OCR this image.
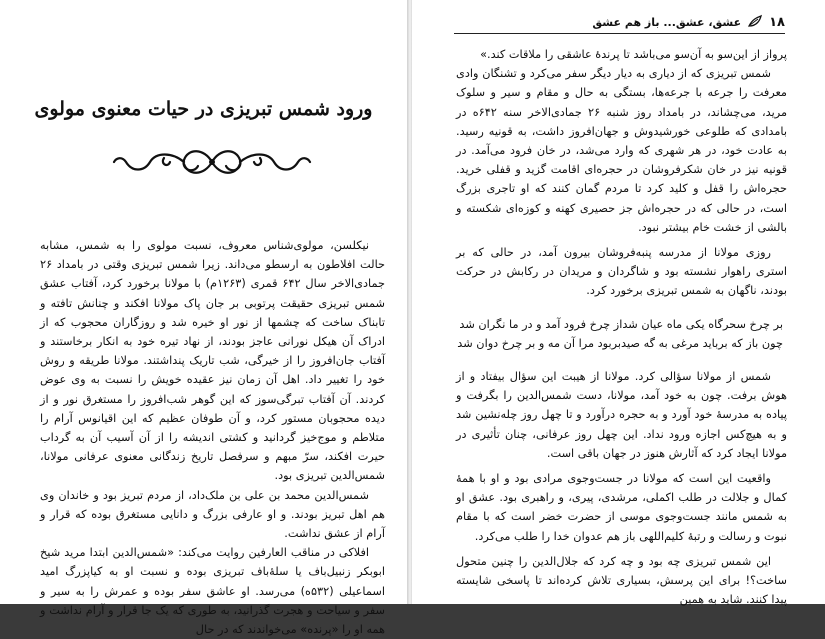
ورود شمس تبریزی در حیات معنوی مولوی

نیکلسن، مولوی‌شناس معروف، نسبت مولوی را به شمس، مشابه حالت افلاطون به ارسطو می‌داند. زیرا شمس تبریزی وقتی در بامداد ۲۶ جمادی‌الاخر سال ۶۴۲ قمری (۱۲۶۳م) با مولانا برخورد کرد، آفتاب عشق شمس تبریزی حقیقت پرتوبی بر جان پاک مولانا افکند و چنانش تافته و تابناک ساخت که چشمها از نور او خیره شد و روزگاران محجوب که از ادراک آن هیکل نورانی عاجز بودند، از نهاد تیره خود به انکار برخاستند و آفتاب جان‌افروز را از خیرگی، شب تاریک پنداشتند. مولانا طریقه و روش خود را تغییر داد. اهل آن زمان نیز عقیده خویش را نسبت به وی عوض کردند. آن آفتاب تبرگی‌سوز که این گوهر شب‌افروز را مستغرق نور و از دیده محجوبان مستور کرد، و آن طوفان عظیم که این اقیانوس آرام را متلاطم و موج‌خیز گردانید و کشتی اندیشه را از آن آسیب آن به گرداب حیرت افکند، سرّ مبهم و سرفصل تاریخ زندگانی معنوی عرفانی مولانا، شمس‌الدین تبریزی بود.

شمس‌الدین محمد بن علی بن ملک‌داد، از مردم تبریز بود و خاندان وی هم اهل تبریز بودند. و او عارفی بزرگ و دانایی مستغرق بوده که قرار و آرام از عشق نداشت.

افلاکی در مناقب العارفین روایت می‌کند: «شمس‌الدین ابتدا مرید شیخ ابوبکر زنبیل‌باف یا سلۀباف تبریزی بوده و نسبت او به کیاپزرگ امید اسماعیلی (۵۳۲ه) می‌رسد. او عاشق سفر بوده و عمرش را به سیر و سفر و سیاحت و هجرت گذرانید، به طوری که یک جا قرار و آرام نداشت و همه او را «پرنده» می‌خواندند که در حال

۱۸
عشق، عشق... باز هم عشق

پرواز از این‌سو به آن‌سو می‌باشد تا پرندۀ عاشقی را ملاقات کند.»

شمس تبریزی که از دیاری به دیار دیگر سفر می‌کرد و تشنگان وادی معرفت را جرعه با جرعه‌ها، بستگی به حال و مقام و سیر و سلوک مرید، می‌چشاند، در بامداد روز شنبه ۲۶ جمادی‌الاخر سنه ۶۴۲ه در بامدادی که طلوعی خورشیدوش و جهان‌افروز داشت، به قونیه رسید. به عادت خود، در هر شهری که وارد می‌شد، در خان فرود می‌آمد. در قونیه نیز در خان شکرفروشان در حجره‌ای اقامت گزید و قفلی خرید. حجره‌اش را قفل و کلید کرد تا مردم گمان کنند که او تاجری بزرگ است، در حالی که در حجره‌اش جز حصیری کهنه و کوزه‌ای شکسته و بالشی از خشت خام بیشتر نبود.

روزی مولانا از مدرسه پنبه‌فروشان بیرون آمد، در حالی که بر استری راهوار نشسته بود و شاگردان و مریدان در رکابش در حرکت بودند، ناگهان به شمس تبریزی برخورد کرد.

بر چرخ سحرگاه یکی ماه عیان شد
از چرخ فرود آمد و در ما نگران شد
چون باز که بربايد مرغی به گه صید
بربود مرا آن مه و بر چرخ دوان شد

شمس از مولانا سؤالی کرد. مولانا از هیبت این سؤال بیفتاد و از هوش برفت. چون به خود آمد، مولانا، دست شمس‌الدین را بگرفت و پیاده به مدرسۀ خود آورد و به حجره درآورد و تا چهل روز چله‌نشین شد و به هیچ‌کس اجازه ورود نداد. این چهل روز عرفانی، چنان تأثیری در مولانا ایجاد کرد که آثارش هنوز در جهان باقی است.

واقعیت این است که مولانا در جست‌وجوی مرادی بود و او با همۀ کمال و جلالت در طلب اکملی، مرشدی، پیری، و راهبری بود. عشق او به شمس مانند جست‌وجوی موسی از حضرت خضر است که با مقام نبوت و رسالت و رتبۀ کلیم‌اللهی باز هم عدوان خدا را طلب می‌کرد.

این شمس تبریزی چه بود و چه کرد که جلال‌الدین را چنین متحول ساخت؟! برای این پرسش، بسیاری تلاش کرده‌اند تا پاسخی شایسته پیدا کنند. شاید به همین
